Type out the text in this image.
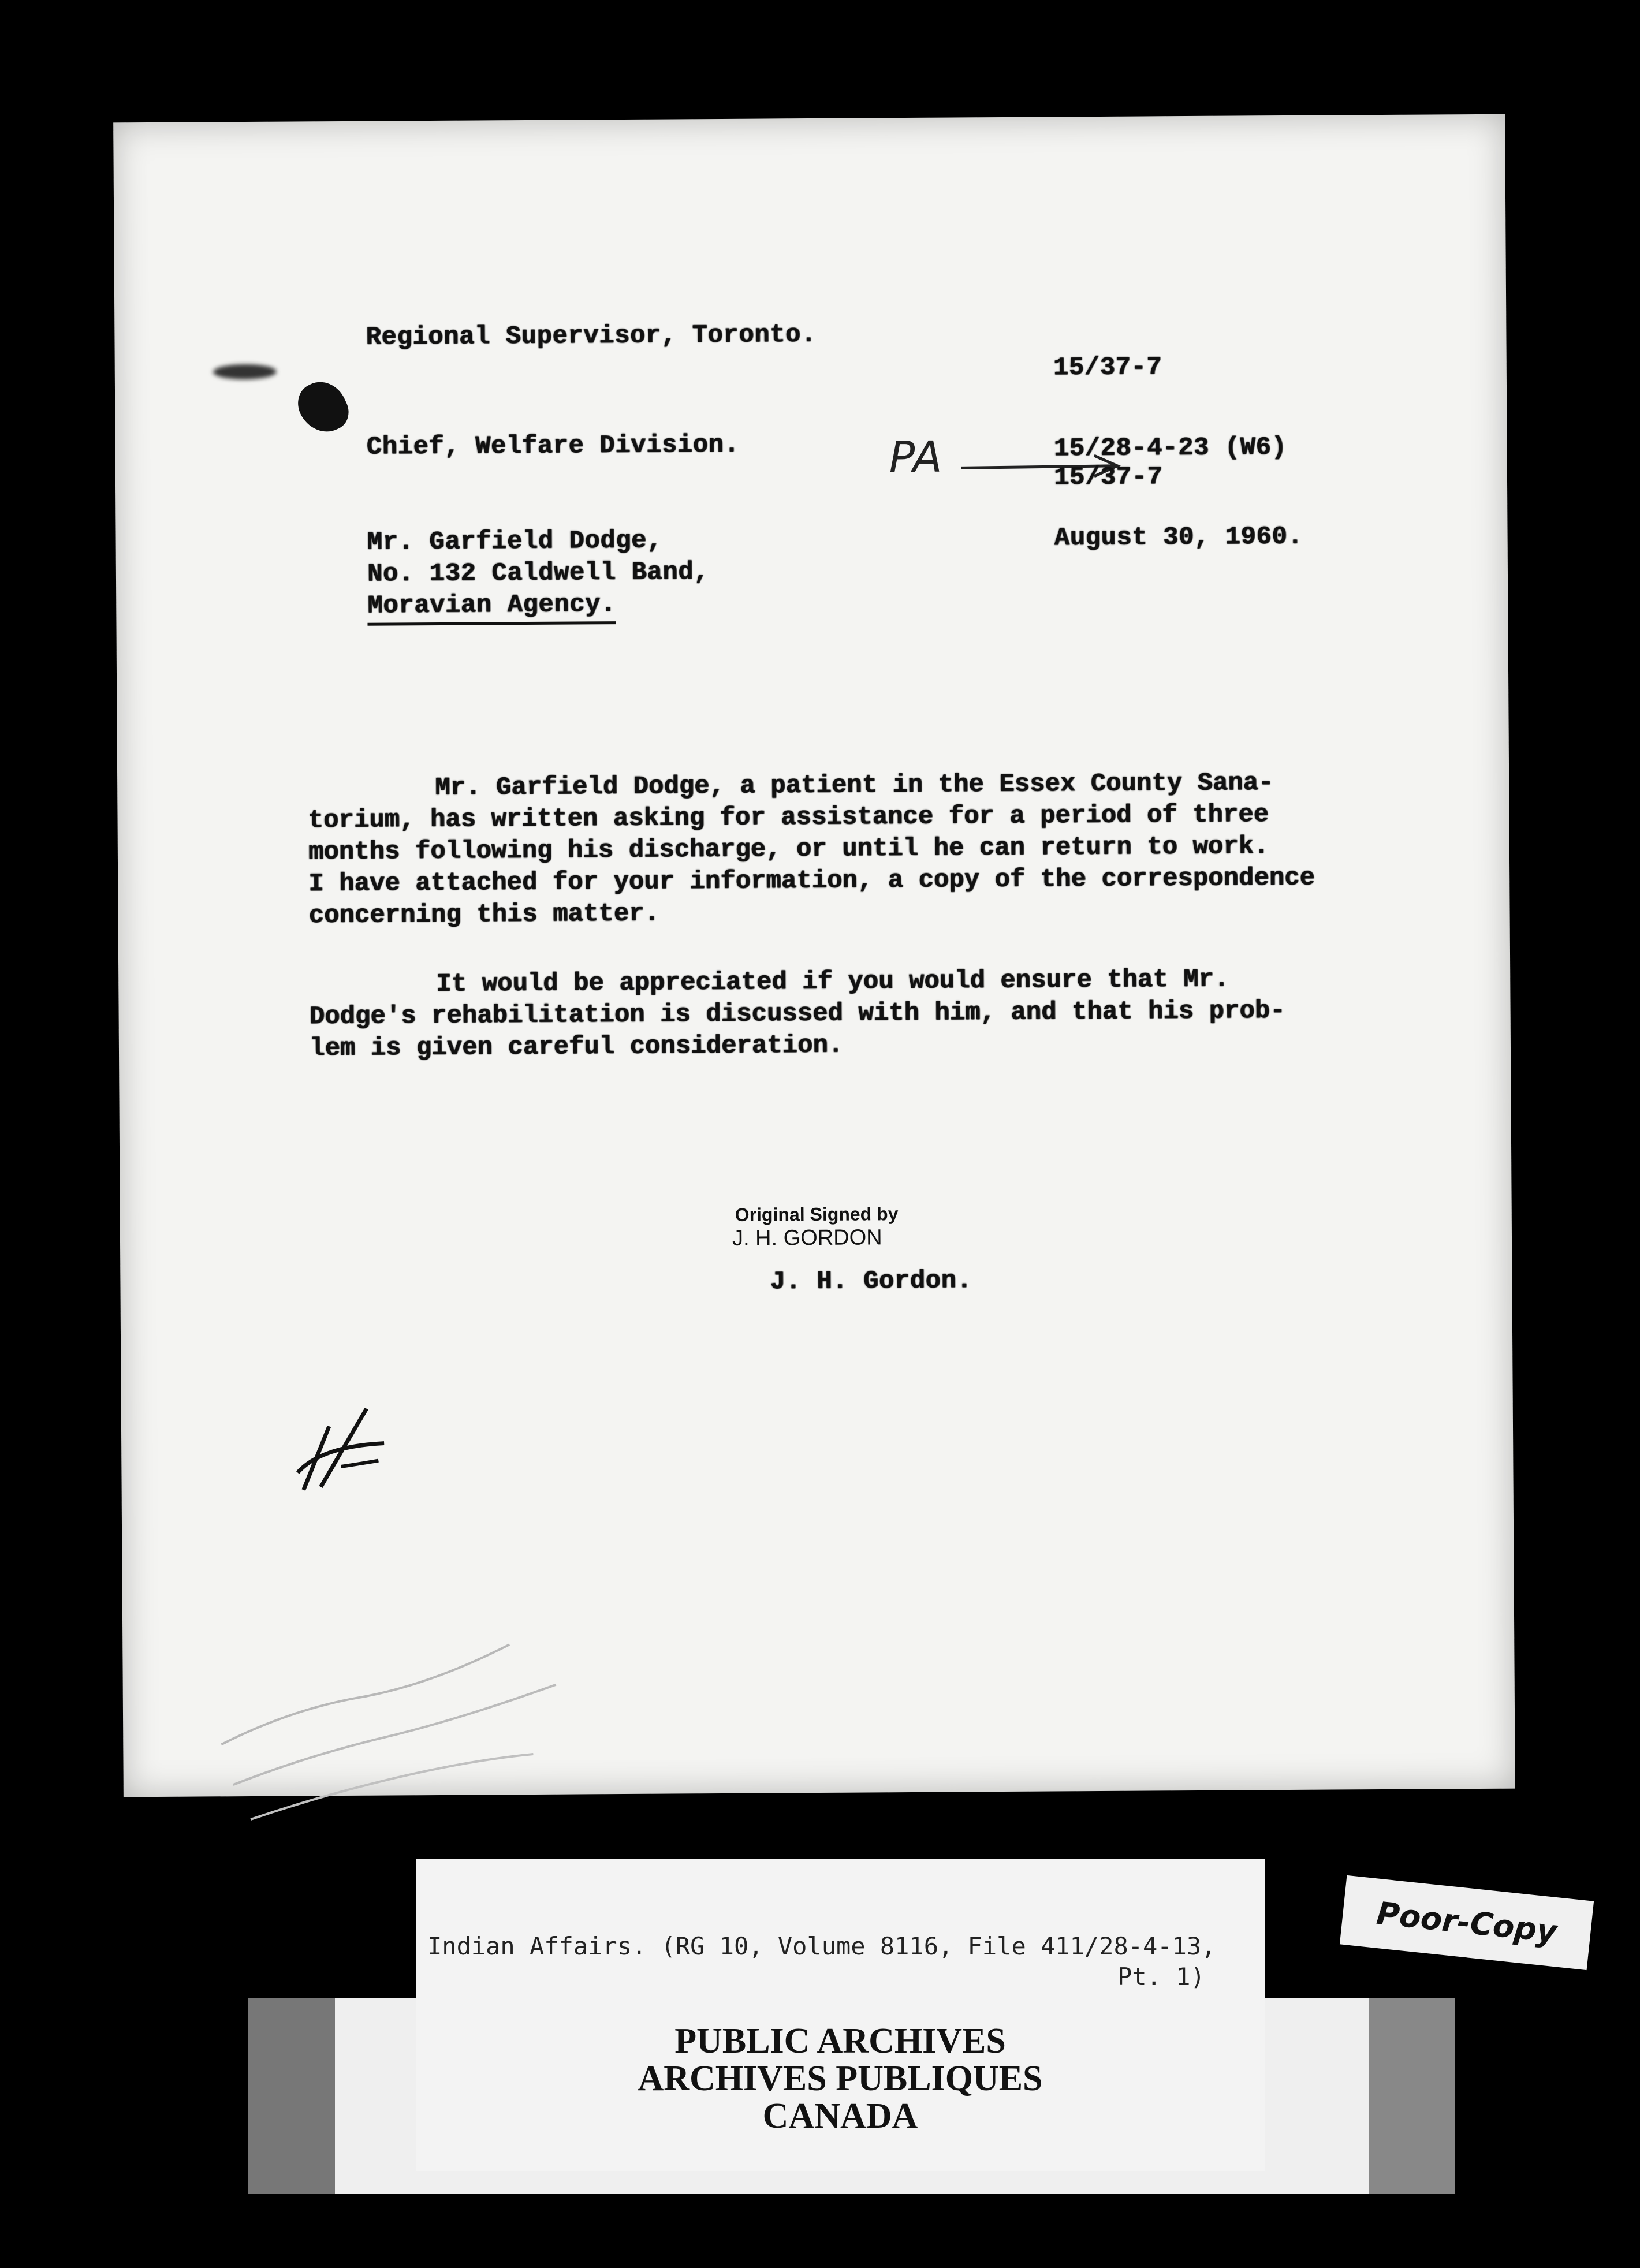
Regional Supervisor, Toronto.
Chief, Welfare Division.
Mr. Garfield Dodge,
No. 132 Caldwell Band,
Moravian Agency.
15/37-7
PA	15/28-4-23 (W6)
15/37-7
August 30, 1960.
Mr. Garfield Dodge, a patient in the Essex County Sana-
torium, has written asking for assistance for a period of three
months following his discharge, or until he can return to work.
I have attached for your information, a copy of the correspondence
concerning this matter.
It would be appreciated if you would ensure that Mr.
Dodge's rehabilitation is discussed with him, and that his prob-
lem is given careful consideration.
Original Signed by
J. H. GORDON
J. H. Gordon.
PUBLIC ARCHIVES
ARCHIVES PUBLIQUES
CANADA
Indian Affairs. (RG 10, Volume 8116, File 411/28-4-13,
Pt. 1)
Poor-Copy
